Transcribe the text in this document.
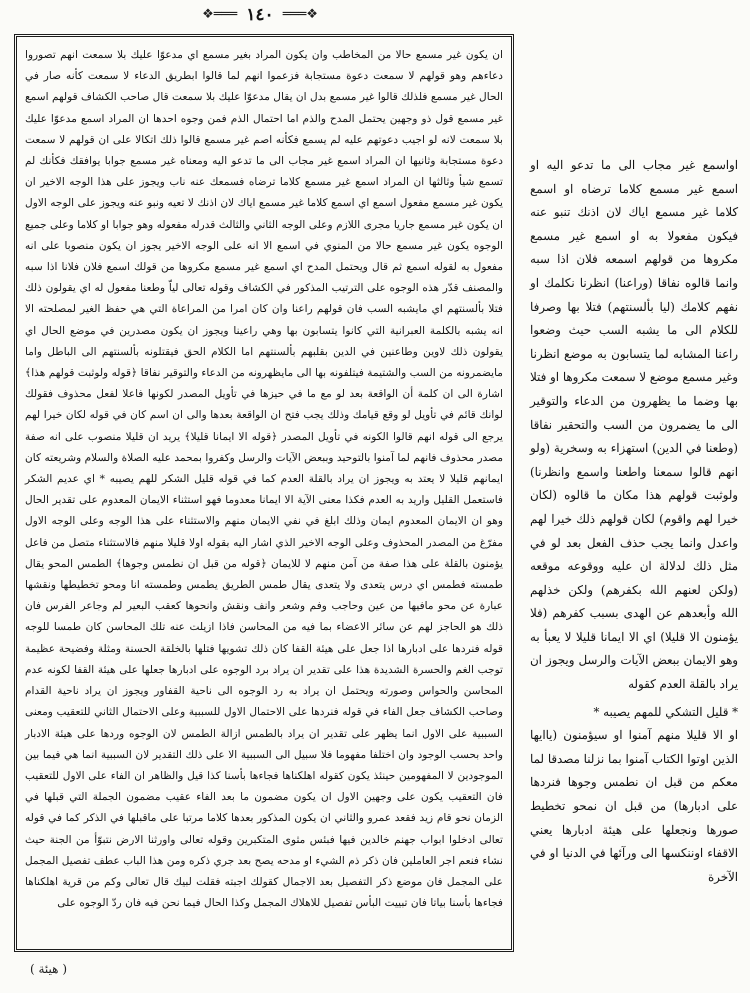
❖═══ ١٤٠ ═══❖

ان يكون غير مسمع حالا من المخاطب وان يكون المراد بغير مسمع اي مدعوّا عليك بلا سمعت انهم تصوروا دعاءهم وهو قولهم لا سمعت دعوة مستجابة فزعموا انهم لما قالوا ابطريق الدعاء لا سمعت كأنه صار في الحال غير مسمع فلذلك قالوا غير مسمع بدل ان يقال مدعوّا عليك بلا سمعت قال صاحب الكشاف قولهم اسمع غير مسمع قول ذو وجهين يحتمل المدح والذم اما احتمال الذم فمن وجوه احدها ان المراد اسمع مدعوّا عليك بلا سمعت لانه لو اجيب دعوتهم عليه لم يسمع فكأنه اصم غير مسمع قالوا ذلك اتكالا على ان قولهم لا سمعت دعوة مستجابة وثانيها ان المراد اسمع غير مجاب الى ما تدعو اليه ومعناه غير مسمع جوابا يوافقك فكأنك لم تسمع شيأ وثالثها ان المراد اسمع غير مسمع كلاما ترضاه فسمعك عنه ناب ويجوز على هذا الوجه الاخير ان يكون غير مسمع مفعول اسمع اي اسمع كلاما غير مسمع اياك لان اذنك لا تعيه ونبو عنه ويجوز على الوجه الاول ان يكون غير مسمع جاريا مجرى اللازم وعلى الوجه الثاني والثالث قدرله مفعوله وهو جوابا او كلاما وعلى جميع الوجوه يكون غير مسمع حالا من المنوي في اسمع الا انه على الوجه الاخير يجوز ان يكون منصوبا على انه مفعول به لقوله اسمع ثم قال ويحتمل المدح اي اسمع غير مسمع مكروها من قولك اسمع فلان فلانا اذا سبه والمصنف قدّر هذه الوجوه على الترتيب المذكور في الكشاف وقوله تعالى لياّ وطعنا مفعول له اي يقولون ذلك فتلا بألسنتهم اي مايشبه السب فان قولهم راعنا وان كان امرا من المراعاة التي هي حفظ الغير لمصلحته الا انه يشبه بالكلمة العبرانية التي كانوا يتسابون بها وهي راعينا ويجوز ان يكون مصدرين في موضع الحال اي يقولون ذلك لاوين وطاعنين في الدين بقلبهم بألسنتهم اما الكلام الحق فيقتلونه بألسنتهم الى الباطل واما مايضمرونه من السب والشتيمة فيتلفونه بها الى مايظهرونه من الدعاء والتوقير نفاقا ﴿قوله ولوثبت قولهم هذا﴾ اشارة الى ان كلمة أن الواقعة بعد لو مع ما في حيزها في تأويل المصدر لكونها فاعلا لفعل محذوف فقولك لوانك قائم في تأويل لو وقع قيامك وذلك يجب فتح ان الواقعة بعدها والى ان اسم كان في قوله لكان خيرا لهم يرجع الى قوله انهم قالوا الكونه في تأويل المصدر ﴿قوله الا ايمانا قليلا﴾ يريد ان قليلا منصوب على انه صفة مصدر محذوف فانهم لما آمنوا بالتوحيد وببعض الآيات والرسل وكفروا بمحمد عليه الصلاة والسلام وشريعته كان ايمانهم قليلا لا يعتد به ويجوز ان يراد بالقلة العدم كما في قوله قليل الشكر للهم يصيبه * اي عديم الشكر فاستعمل القليل واريد به العدم فكذا معنى الآية الا ايمانا معدوما فهو استثناء الايمان المعدوم على تقدير الحال وهو ان الايمان المعدوم ايمان وذلك ابلغ في نفي الايمان منهم والاستثناء على هذا الوجه وعلى الوجه الاول مفرّغ من المصدر المحذوف وعلى الوجه الاخير الذي اشار اليه بقوله اولا قليلا منهم فالاستثناء متصل من فاعل يؤمنون بالقلة على هذا صفة من آمن منهم لا للايمان ﴿قوله من قبل ان نطمس وجوها﴾ الطمس المحو يقال طمسته فطمس اي درس يتعدى ولا يتعدى يقال طمس الطريق يطمس وطمسته انا ومحو تخطيطها ونقشها عبارة عن محو مافيها من عين وحاجب وفم وشعر وانف ونقش وانحوها كعقب البعير لم وجاعر الفرس فان ذلك هو الحاجز لهم عن سائر الاعضاء بما فيه من المحاسن فاذا ازيلت عنه تلك المحاسن كان طمسا للوجه قوله فنردها على ادبارها اذا جعل على هيئة القفا كان ذلك تشويها فتلها بالخلقة الحسنة ومثلة وفضيحة عظيمة توجب الغم والحسرة الشديدة هذا على تقدير ان يراد برد الوجوه على ادبارها جعلها على هيئة القفا لكونه عدم المحاسن والحواس وصورته ويحتمل ان يراد به رد الوجوه الى ناحية القفاور ويجوز ان يراد ناحية القدام وصاحب الكشاف جعل الفاء في قوله فنردها على الاحتمال الاول للسببية وعلى الاحتمال الثاني للتعقيب ومعنى السببية على الاول انما يظهر على تقدير ان يراد بالطمس ازالة الطمس لان الوجوه وردها على هيئة الادبار واحد بحسب الوجود وان اختلفا مفهوما فلا سبيل الى السببية الا على ذلك التقدير لان السببية انما هي فيما بين الموجودين لا المفهومين حينئذ يكون كقوله اهلكناها فجاءها بأسنا كذا قيل والظاهر ان الفاء على الاول للتعقيب فان التعقيب يكون على وجهين الاول ان يكون مضمون ما بعد الفاء عقيب مضمون الجملة التي قبلها في الزمان نحو قام زيد فقعد عمرو والثاني ان يكون المذكور بعدها كلاما مرتبا على ماقبلها في الذكر كما في قوله تعالى ادخلوا ابواب جهنم خالدين فيها فبئس مثوى المتكبرين وقوله تعالى واورثنا الارض نتبوّأ من الجنة حيث نشاء فنعم اجر العاملين فان ذكر ذم الشيء او مدحه يصح بعد جري ذكره ومن هذا الباب عطف تفصيل المجمل على المجمل فان موضع ذكر التفصيل بعد الاجمال كقولك اجبته فقلت لبيك قال تعالى وكم من قرية اهلكناها فجاءها بأسنا بياتا فان تبييت البأس تفصيل للاهلاك المجمل وكذا الحال فيما نحن فيه فان ردّ الوجوه على

اواسمع غير مجاب الى ما تدعو اليه او اسمع غير مسمع كلاما ترضاه او اسمع كلاما غير مسمع اياك لان اذنك تنبو عنه فيكون مفعولا به او اسمع غير مسمع مكروها من قولهم اسمعه فلان اذا سبه وانما قالوه نفاقا (وراعنا) انظرنا نكلمك او نفهم كلامك (ليا بألسنتهم) فتلا بها وصرفا للكلام الى ما يشبه السب حيث وضعوا راعنا المشابه لما يتسابون به موضع انظرنا وغير مسمع موضع لا سمعت مكروها او فتلا بها وضما ما يظهرون من الدعاء والتوقير الى ما يضمرون من السب والتحقير نفاقا (وطعنا في الدين) استهزاء به وسخرية (ولو انهم قالوا سمعنا واطعنا واسمع وانظرنا) ولوثبت قولهم هذا مكان ما قالوه (لكان خيرا لهم واقوم) لكان قولهم ذلك خيرا لهم واعدل وانما يجب حذف الفعل بعد لو في مثل ذلك لدلالة ان عليه ووقوعه موقعه (ولكن لعنهم الله بكفرهم) ولكن خذلهم الله وأبعدهم عن الهدى بسبب كفرهم (فلا يؤمنون الا قليلا) اي الا ايمانا قليلا لا يعبأ به وهو الايمان ببعض الآيات والرسل ويجوز ان يراد بالقلة العدم كقوله

* قليل التشكي للمهم يصيبه *

او الا قليلا منهم آمنوا او سيؤمنون (ياايها الذين اوتوا الكتاب آمنوا بما نزلنا مصدقا لما معكم من قبل ان نطمس وجوها فنردها على ادبارها) من قبل ان نمحو تخطيط صورها ونجعلها على هيئة ادبارها يعني الاقفاء اوننكسها الى ورآئها في الدنيا او في الآخرة

( هيئة )
